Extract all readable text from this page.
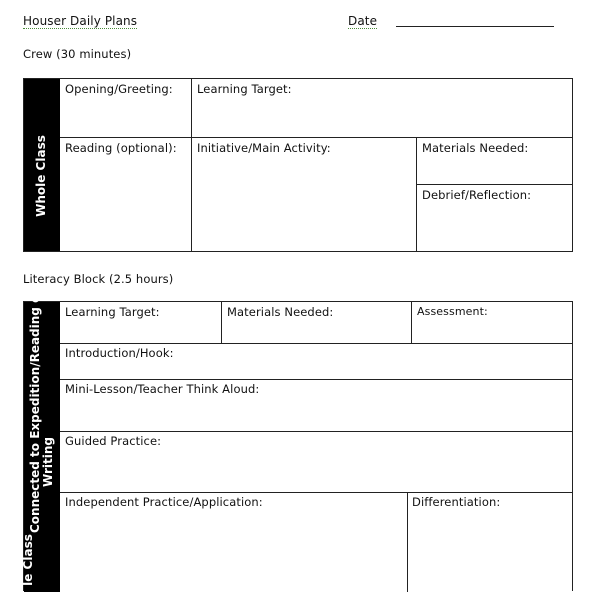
Houser Daily Plans	Date
Crew (30 minutes)
Whole Class
Opening/Greeting: Learning Target:
Reading (optional): Initiative/Main Activity:	Materials Needed:
Debrief/Reflection:
Literacy Block (2.5 hours)
Connected to Expedition/Reading or Writing
le Class
Learning Target:	Materials Needed:	Assessment:
Introduction/Hook:
Mini-Lesson/Teacher Think Aloud:
Guided Practice:
Independent Practice/Application:	Differentiation:
